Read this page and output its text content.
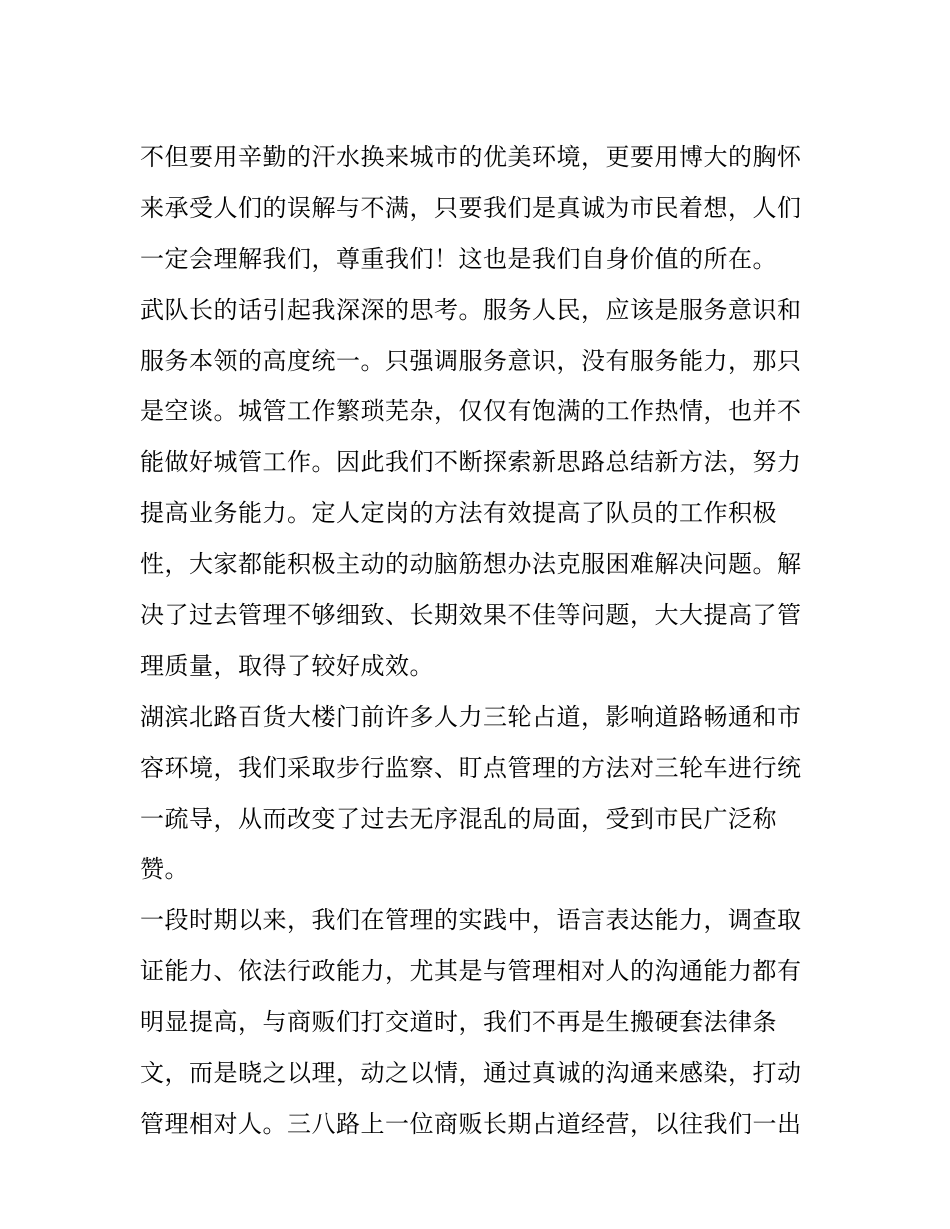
不但要用辛勤的汗水换来城市的优美环境，更要用博大的胸怀
来承受人们的误解与不满，只要我们是真诚为市民着想，人们
一定会理解我们，尊重我们！这也是我们自身价值的所在。
武队长的话引起我深深的思考。服务人民，应该是服务意识和
服务本领的高度统一。只强调服务意识，没有服务能力，那只
是空谈。城管工作繁琐芜杂，仅仅有饱满的工作热情，也并不
能做好城管工作。因此我们不断探索新思路总结新方法，努力
提高业务能力。定人定岗的方法有效提高了队员的工作积极
性，大家都能积极主动的动脑筋想办法克服困难解决问题。解
决了过去管理不够细致、长期效果不佳等问题，大大提高了管
理质量，取得了较好成效。
湖滨北路百货大楼门前许多人力三轮占道，影响道路畅通和市
容环境，我们采取步行监察、盯点管理的方法对三轮车进行统
一疏导，从而改变了过去无序混乱的局面，受到市民广泛称
赞。
一段时期以来，我们在管理的实践中，语言表达能力，调查取
证能力、依法行政能力，尤其是与管理相对人的沟通能力都有
明显提高，与商贩们打交道时，我们不再是生搬硬套法律条
文，而是晓之以理，动之以情，通过真诚的沟通来感染，打动
管理相对人。三八路上一位商贩长期占道经营，以往我们一出
